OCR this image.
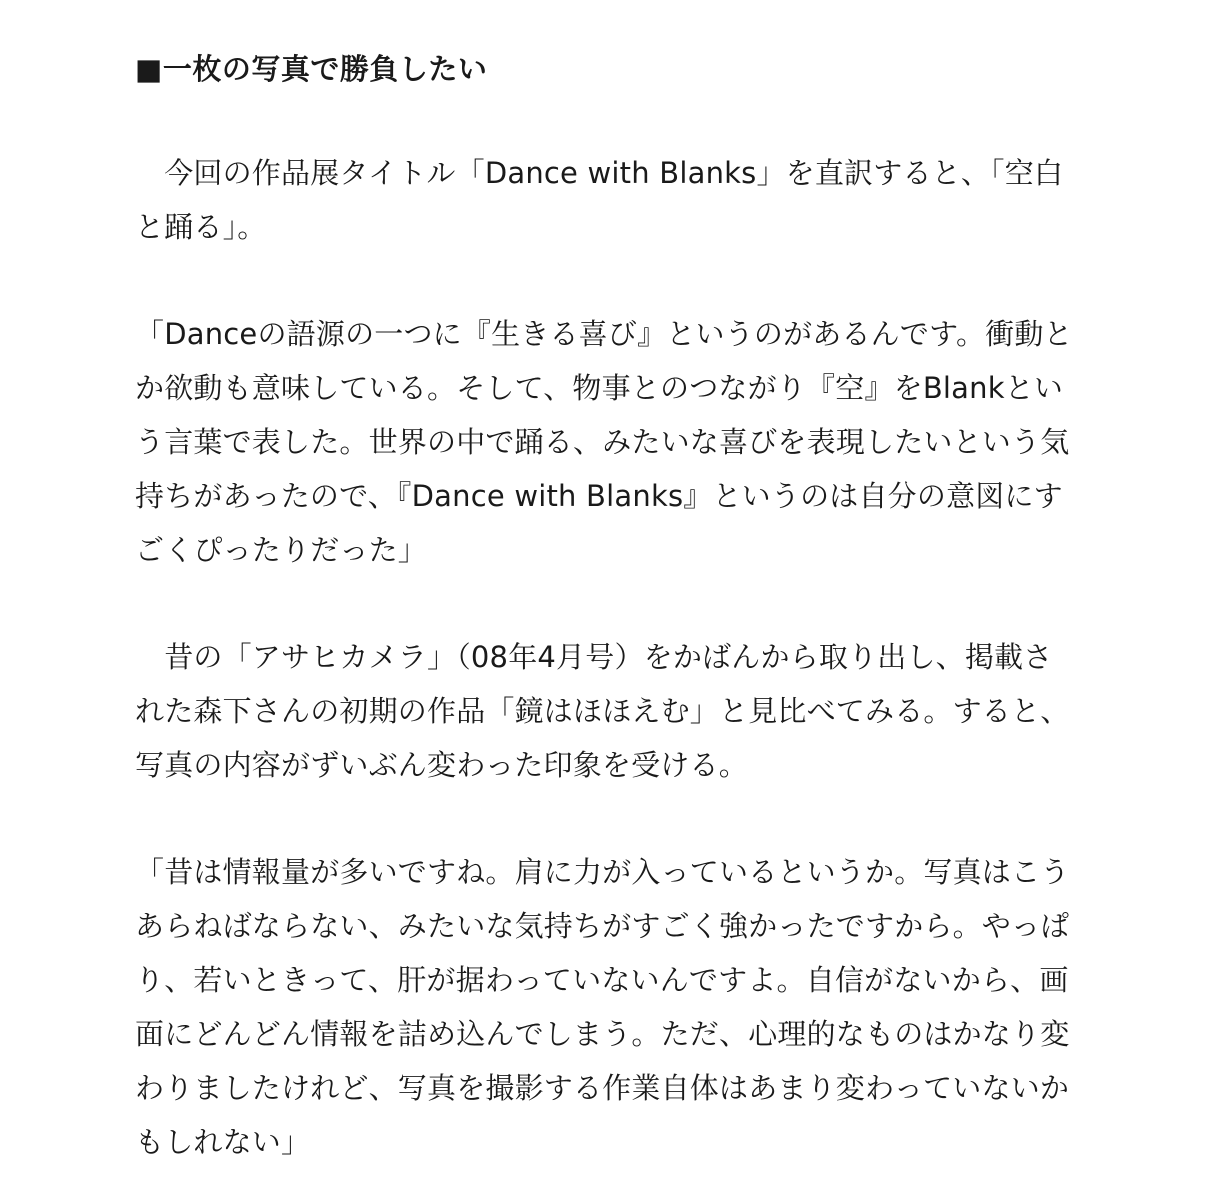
■一枚の写真で勝負したい
　今回の作品展タイトル「Dance with Blanks」を直訳すると、「空白
と踊る」。
「Danceの語源の一つに『生きる喜び』というのがあるんです。衝動と
か欲動も意味している。そして、物事とのつながり『空』をBlankとい
う言葉で表した。世界の中で踊る、みたいな喜びを表現したいという気
持ちがあったので、『Dance with Blanks』というのは自分の意図にす
ごくぴったりだった」
　昔の「アサヒカメラ」（08年4月号）をかばんから取り出し、掲載さ
れた森下さんの初期の作品「鏡はほほえむ」と見比べてみる。すると、
写真の内容がずいぶん変わった印象を受ける。
「昔は情報量が多いですね。肩に力が入っているというか。写真はこう
あらねばならない、みたいな気持ちがすごく強かったですから。やっぱ
り、若いときって、肝が据わっていないんですよ。自信がないから、画
面にどんどん情報を詰め込んでしまう。ただ、心理的なものはかなり変
わりましたけれど、写真を撮影する作業自体はあまり変わっていないか
もしれない」
